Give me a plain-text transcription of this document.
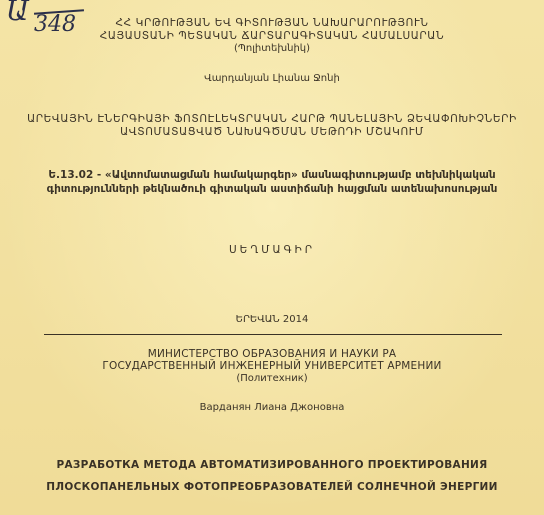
Ա 348	ՀՀ ԿՐԹՈՒԹՅԱՆ ԵՎ ԳԻՏՈՒԹՅԱՆ ՆԱԽԱՐԱՐՈՒԹՅՈՒՆ
ՀԱՅԱՍՏԱՆԻ ՊԵՏԱԿԱՆ ՃԱՐՏԱՐԱԳԻՏԱԿԱՆ ՀԱՄԱԼՍԱՐԱՆ
(Պոլիտեխնիկ)
Վարդանյան Լիանա Ջոնի
ԱՐԵՎԱՅԻՆ ԷՆԵՐԳԻԱՅԻ ՖՈՏՈԷԼԵԿՏՐԱԿԱՆ ՀԱՐԹ ՊԱՆԵԼԱՅԻՆ ՁԵՎԱՓՈԽԻՉՆԵՐԻ
ԱՎՏՈՄԱՏԱՑՎԱԾ ՆԱԽԱԳԾՄԱՆ ՄԵԹՈԴԻ ՄՇԱԿՈՒՄ
Ե.13.02 - «Ավտոմատացման համակարգեր» մասնագիտությամբ տեխնիկական
գիտությունների թեկնածուի գիտական աստիճանի հայցման ատենախոսության
ՍԵՂՄԱԳԻՐ
ԵՐԵՎԱՆ 2014
МИНИСТЕРСТВО ОБРАЗОВАНИЯ И НАУКИ РА
ГОСУДАРСТВЕННЫЙ ИНЖЕНЕРНЫЙ УНИВЕРСИТЕТ АРМЕНИИ
(Политехник)
Варданян Лиана Джоновна
РАЗРАБОТКА МЕТОДА АВТОМАТИЗИРОВАННОГО ПРОЕКТИРОВАНИЯ
ПЛОСКОПАНЕЛЬНЫХ ФОТОПРЕОБРАЗОВАТЕЛЕЙ СОЛНЕЧНОЙ ЭНЕРГИИ
